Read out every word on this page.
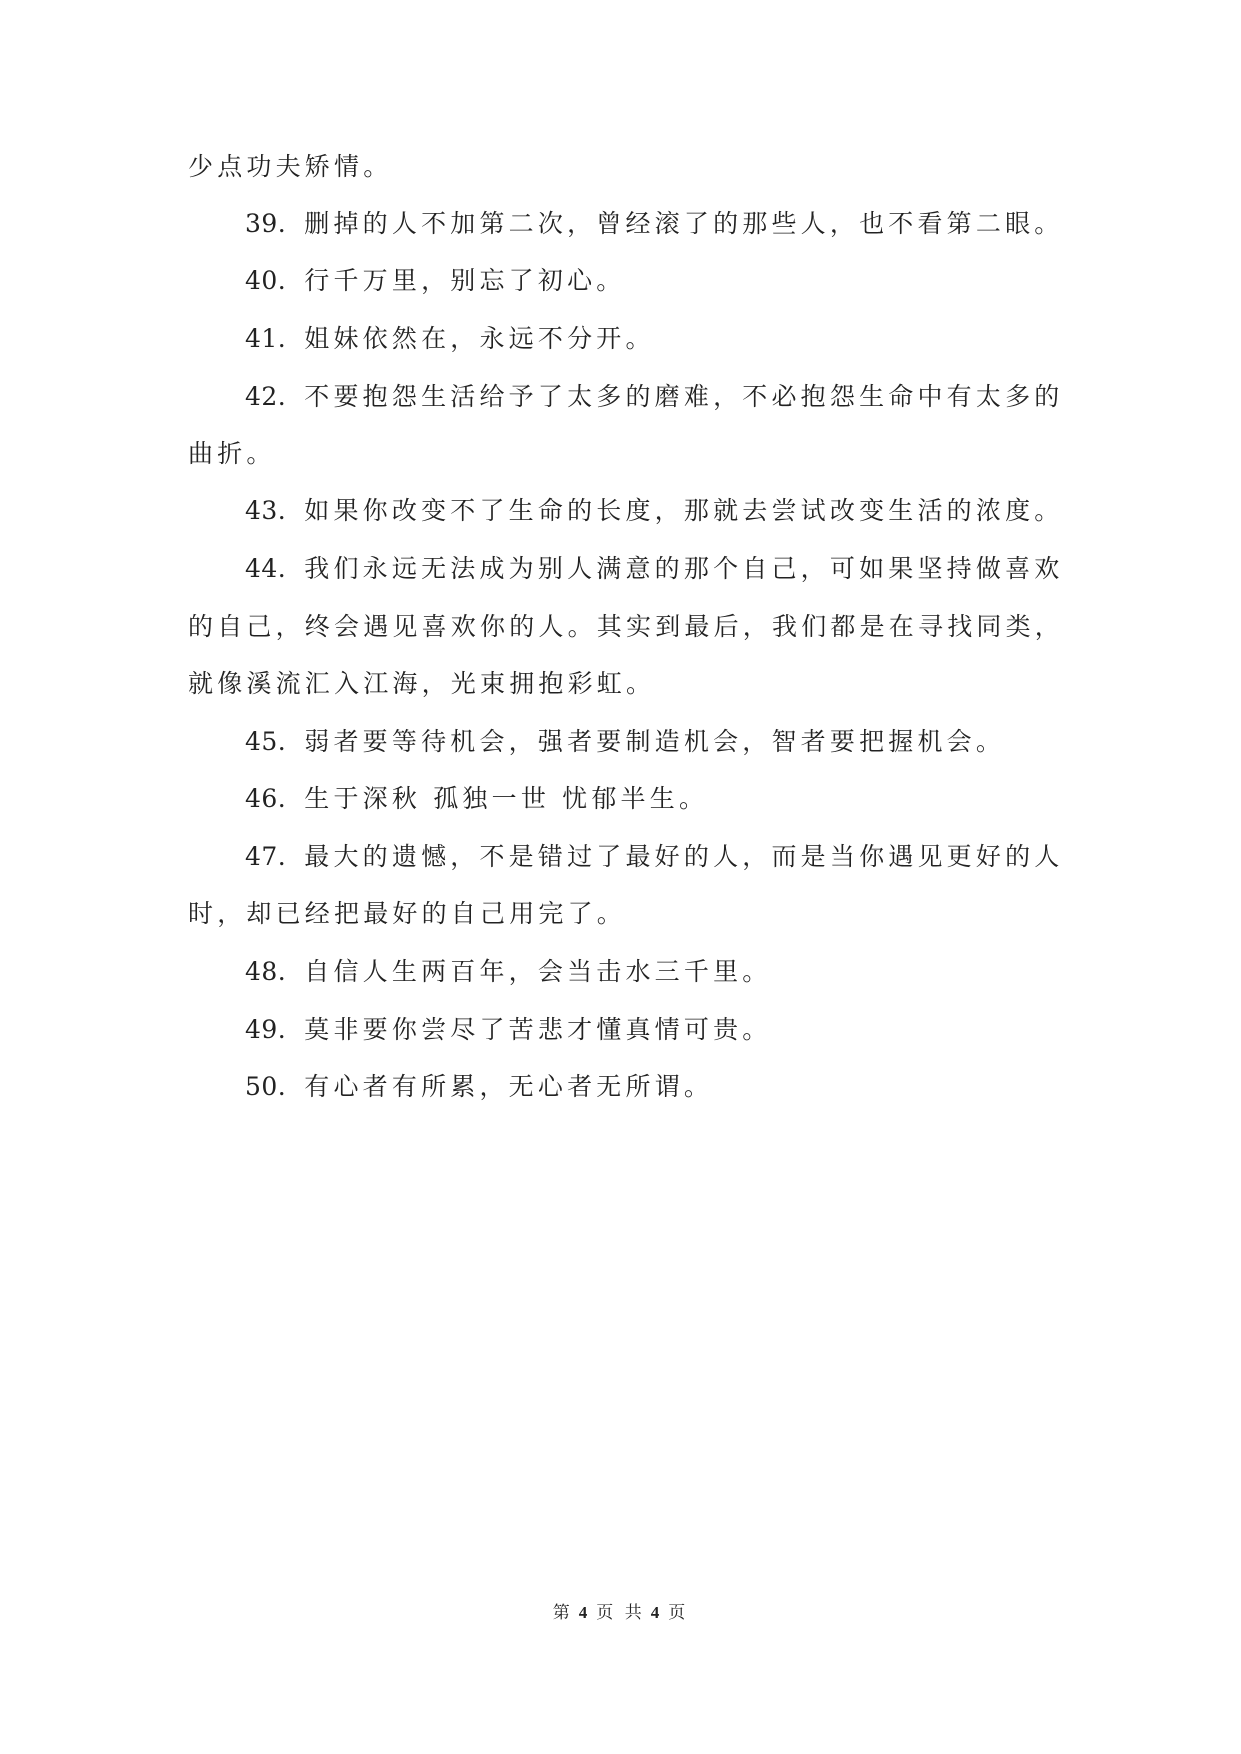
少点功夫矫情。
39. 删掉的人不加第二次，曾经滚了的那些人，也不看第二眼。
40. 行千万里，别忘了初心。
41. 姐妹依然在，永远不分开。
42. 不要抱怨生活给予了太多的磨难，不必抱怨生命中有太多的
曲折。
43. 如果你改变不了生命的长度，那就去尝试改变生活的浓度。
44. 我们永远无法成为别人满意的那个自己，可如果坚持做喜欢
的自己，终会遇见喜欢你的人。其实到最后，我们都是在寻找同类，
就像溪流汇入江海，光束拥抱彩虹。
45. 弱者要等待机会，强者要制造机会，智者要把握机会。
46. 生于深秋 孤独一世 忧郁半生。
47. 最大的遗憾，不是错过了最好的人，而是当你遇见更好的人
时，却已经把最好的自己用完了。
48. 自信人生两百年，会当击水三千里。
49. 莫非要你尝尽了苦悲才懂真情可贵。
50. 有心者有所累，无心者无所谓。
第 4 页 共 4 页
